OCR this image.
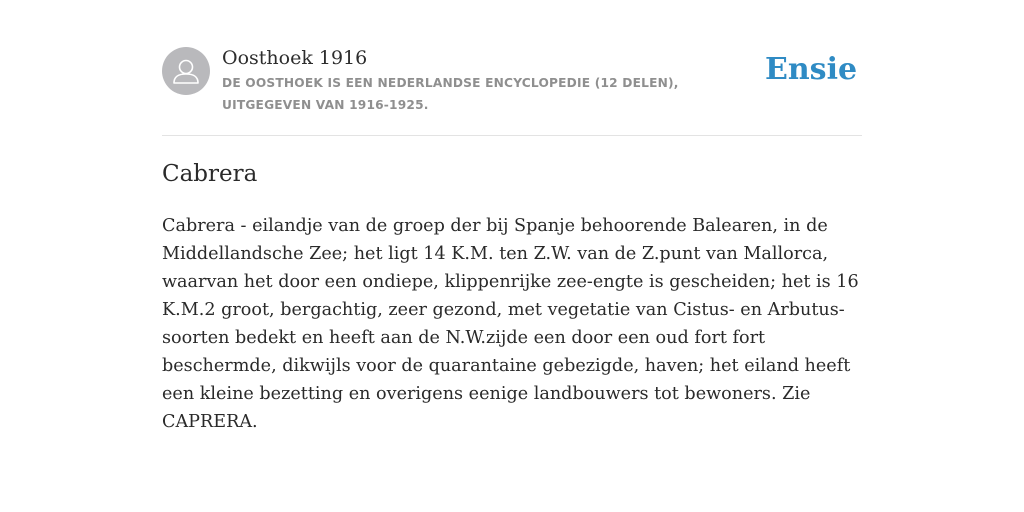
Oosthoek 1916
DE OOSTHOEK IS EEN NEDERLANDSE ENCYCLOPEDIE (12 DELEN), UITGEGEVEN VAN 1916-1925.
Ensie
Cabrera

Cabrera - eilandje van de groep der bij Spanje behoorende Balearen, in de Middellandsche Zee; het ligt 14 K.M. ten Z.W. van de Z.punt van Mallorca, waarvan het door een ondiepe, klippenrijke zee-engte is gescheiden; het is 16 K.M.2 groot, bergachtig, zeer gezond, met vegetatie van Cistus- en Arbutus-soorten bedekt en heeft aan de N.W.zijde een door een oud fort fort beschermde, dikwijls voor de quarantaine gebezigde, haven; het eiland heeft een kleine bezetting en overigens eenige landbouwers tot bewoners. Zie CAPRERA.
